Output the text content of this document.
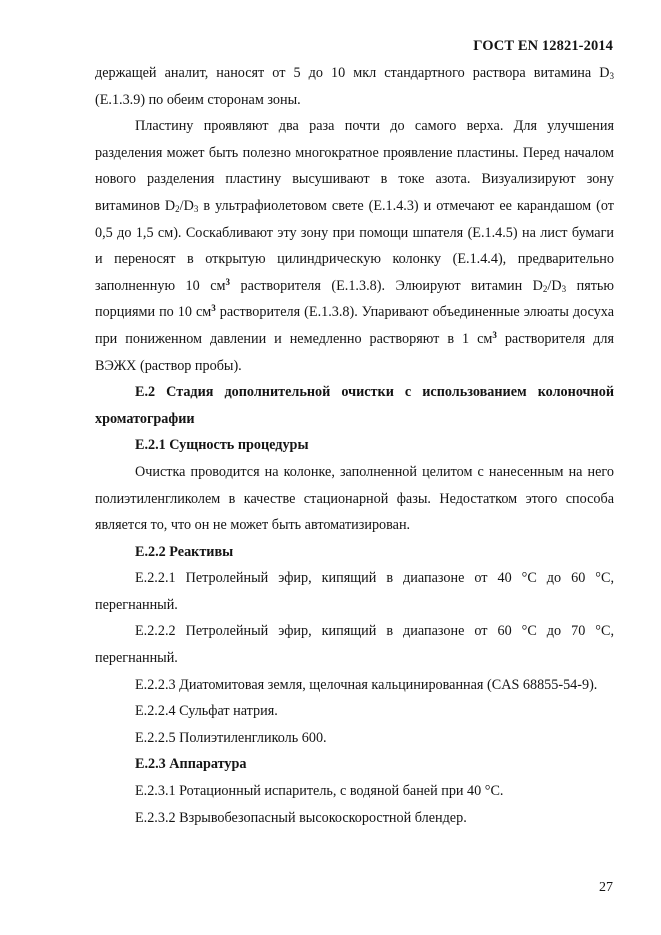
ГОСТ EN 12821-2014

держащей аналит, наносят от 5 до 10 мкл стандартного раствора витамина $D_3$ (Е.1.3.9) по обеим сторонам зоны.

Пластину проявляют два раза почти до самого верха. Для улучшения разделения может быть полезно многократное проявление пластины. Перед началом нового разделения пластину высушивают в токе азота. Визуализируют зону витаминов $D_2/D_3$ в ультрафиолетовом свете (Е.1.4.3) и отмечают ее карандашом (от 0,5 до 1,5 см). Соскабливают эту зону при помощи шпателя (Е.1.4.5) на лист бумаги и переносят в открытую цилиндрическую колонку (Е.1.4.4), предварительно заполненную 10 $см^3$ растворителя (Е.1.3.8). Элюируют витамин $D_2/D_3$ пятью порциями по 10 $см^3$ растворителя (Е.1.3.8). Упаривают объединенные элюаты досуха при пониженном давлении и немедленно растворяют в 1 $см^3$ растворителя для ВЭЖХ (раствор пробы).

Е.2 Стадия дополнительной очистки с использованием колоночной хроматографии

Е.2.1 Сущность процедуры

Очистка проводится на колонке, заполненной целитом с нанесенным на него полиэтиленгликолем в качестве стационарной фазы. Недостатком этого способа является то, что он не может быть автоматизирован.

Е.2.2 Реактивы

Е.2.2.1 Петролейный эфир, кипящий в диапазоне от 40 °С до 60 °С, перегнанный.

Е.2.2.2 Петролейный эфир, кипящий в диапазоне от 60 °С до 70 °С, перегнанный.

Е.2.2.3 Диатомитовая земля, щелочная кальцинированная (CAS 68855-54-9).

Е.2.2.4 Сульфат натрия.

Е.2.2.5 Полиэтиленгликоль 600.

Е.2.3 Аппаратура

Е.2.3.1 Ротационный испаритель, с водяной баней при 40 °С.

Е.2.3.2 Взрывобезопасный высокоскоростной блендер.

27
